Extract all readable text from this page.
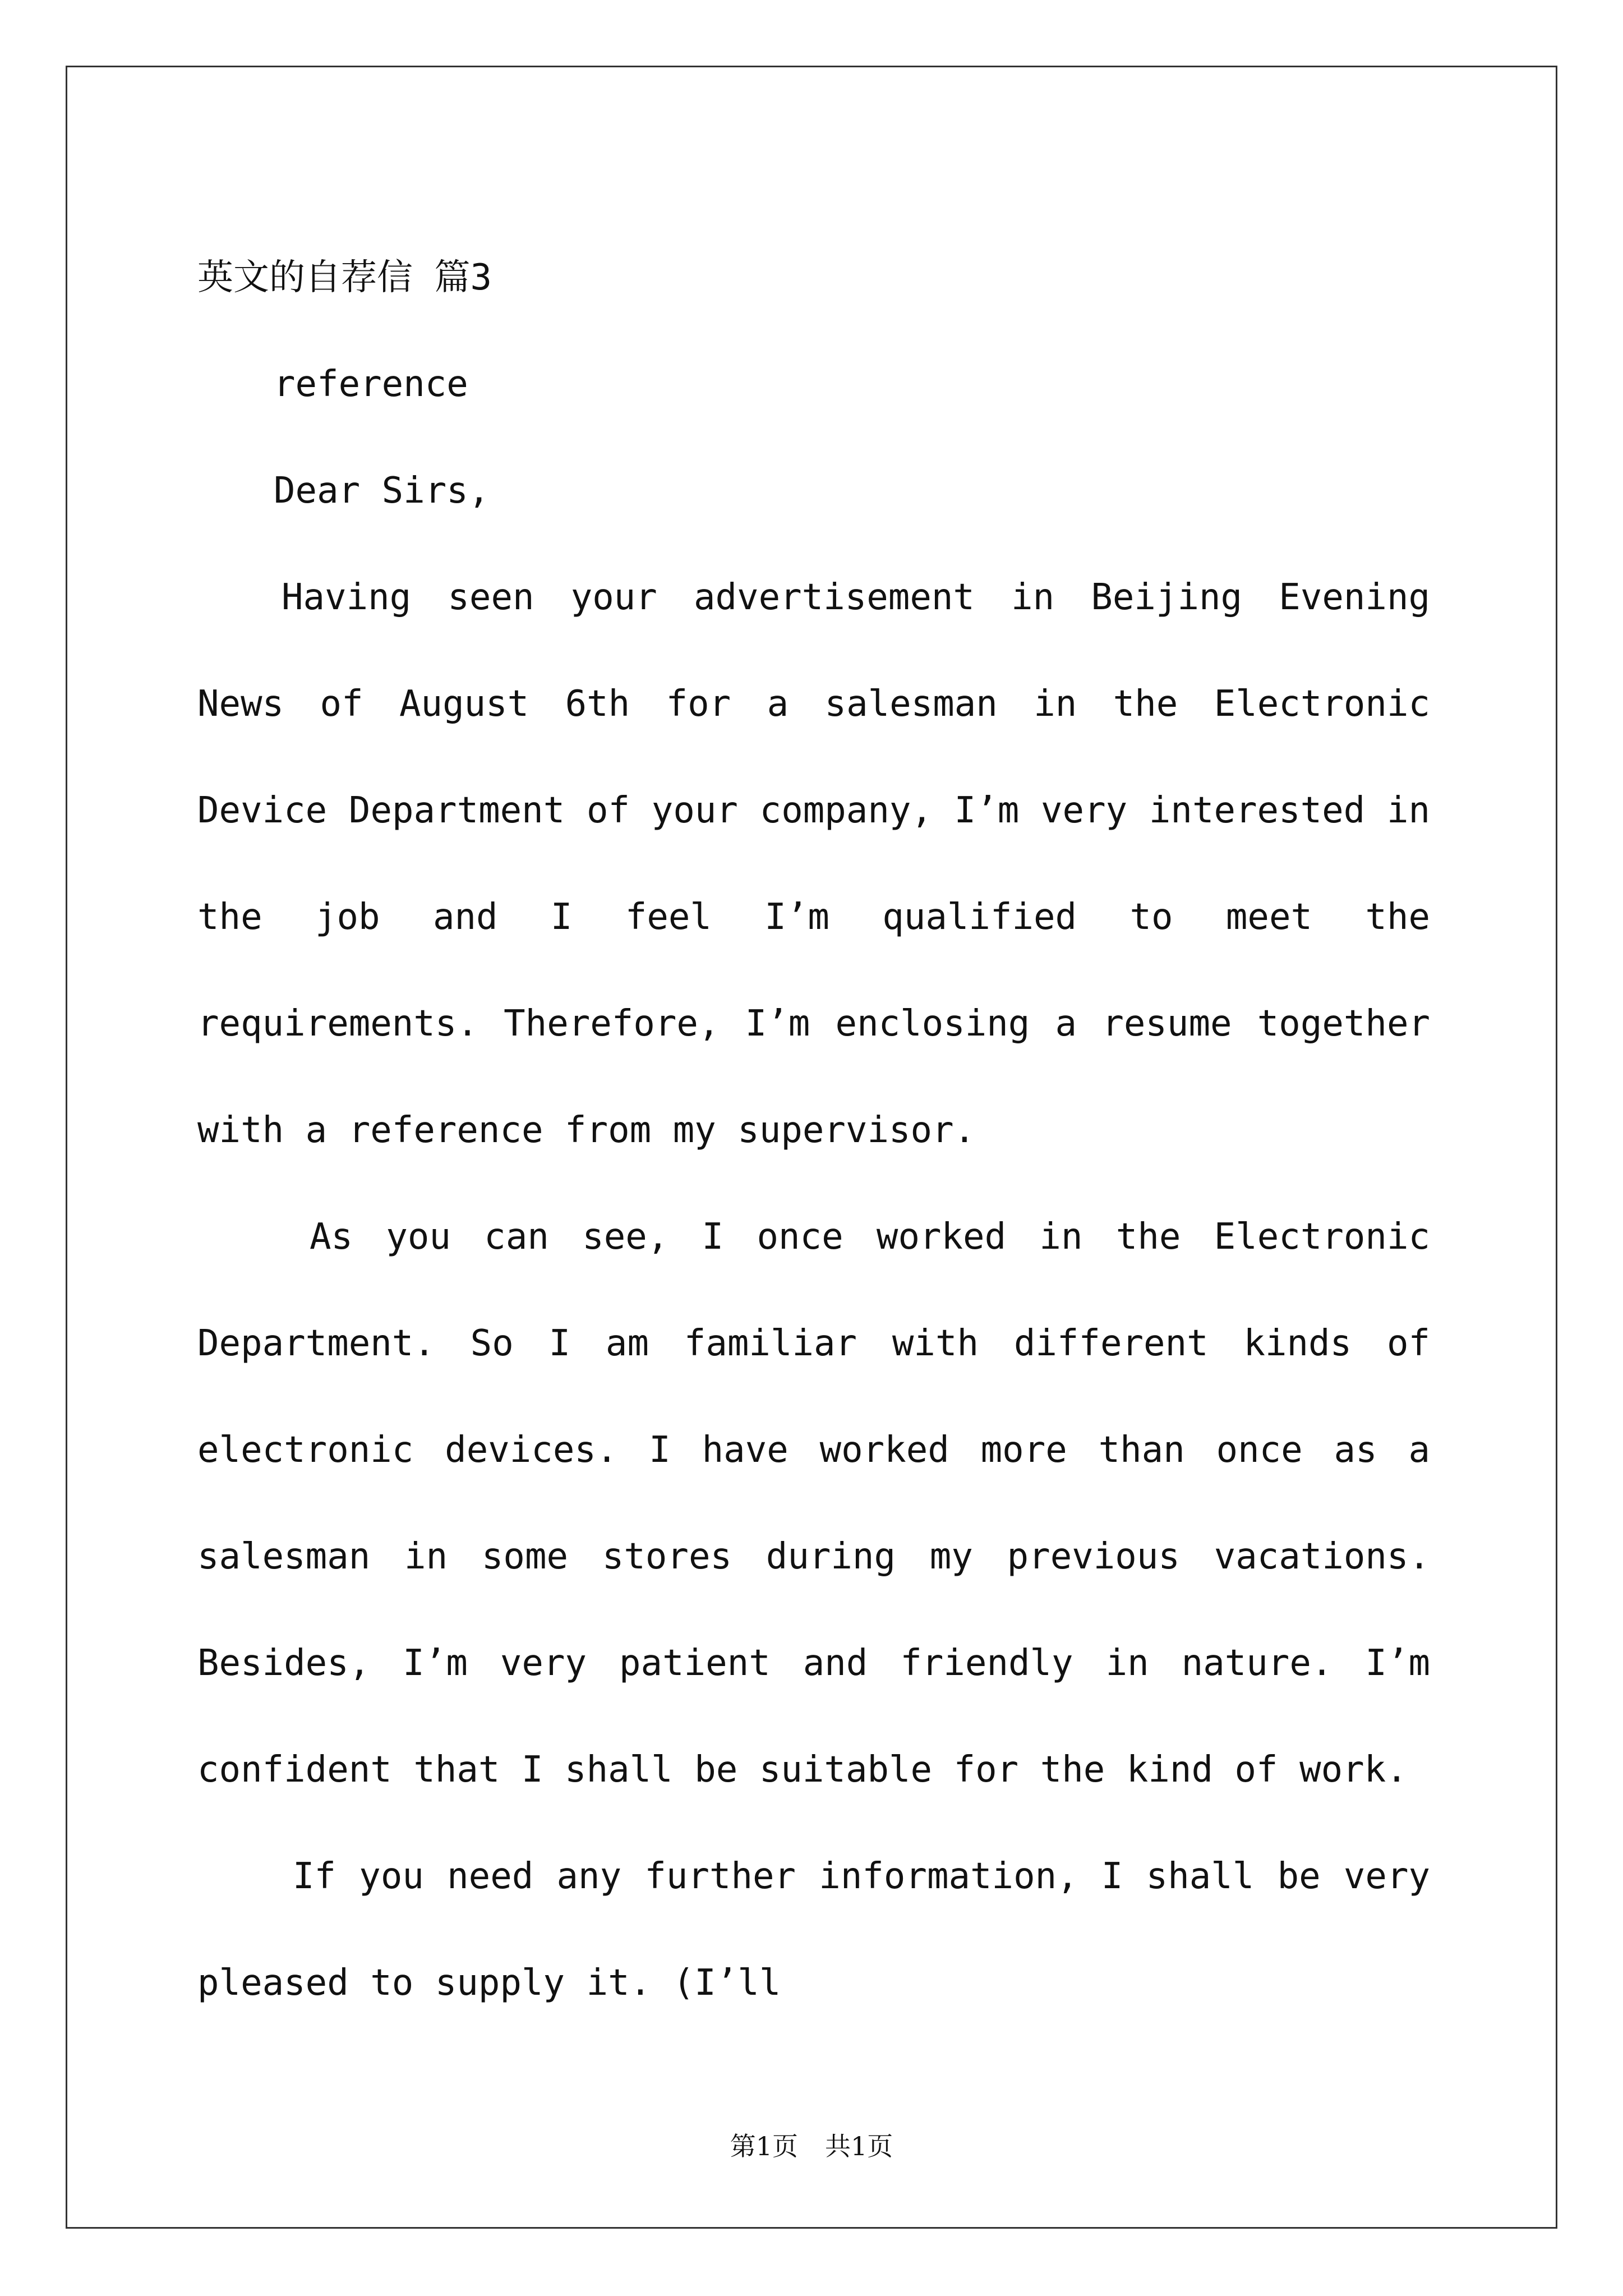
英文的自荐信 篇3

reference

Dear Sirs,

Having seen your advertisement in Beijing Evening News of August 6th for a salesman in the Electronic Device Department of your company, I’m very interested in the job and I feel I’m qualified to meet the requirements. Therefore, I’m enclosing a resume together with a reference from my supervisor.

As you can see, I once worked in the Electronic Department. So I am familiar with different kinds of electronic devices. I have worked more than once as a salesman in some stores during my previous vacations. Besides, I’m very patient and friendly in nature. I’m confident that I shall be suitable for the kind of work.

If you need any further information, I shall be very pleased to supply it. (I’ll

第1页 共1页
